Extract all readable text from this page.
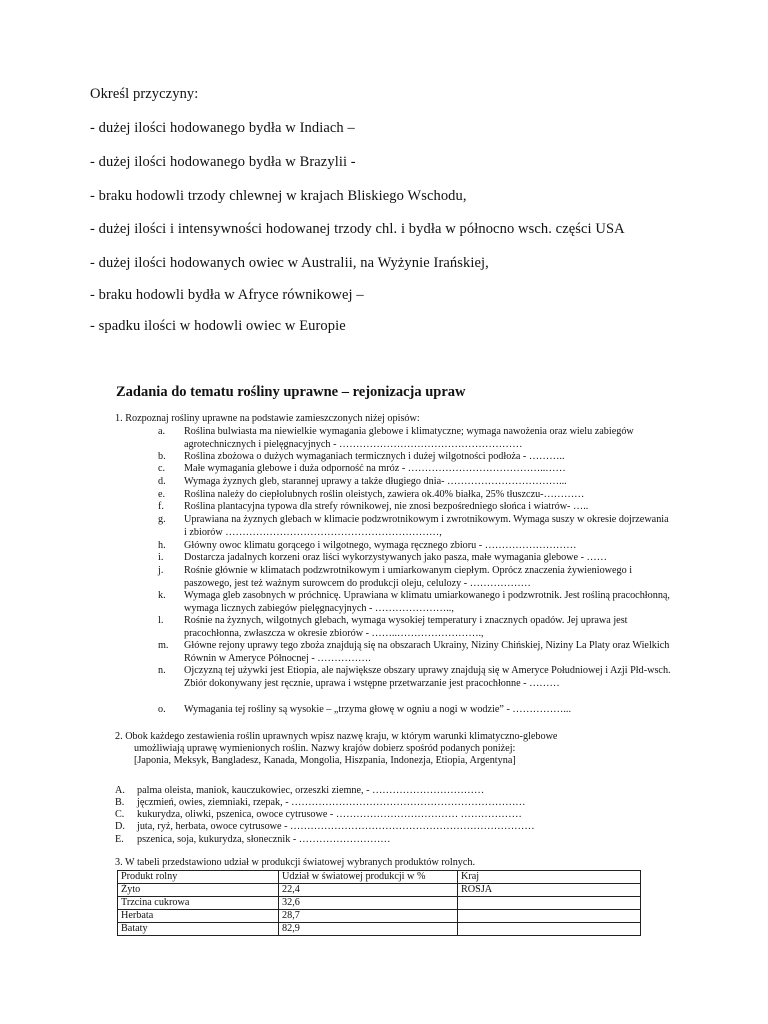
Określ przyczyny:
- dużej ilości hodowanego bydła w Indiach –
- dużej ilości hodowanego bydła w Brazylii -
- braku hodowli trzody chlewnej w krajach Bliskiego Wschodu,
- dużej ilości i intensywności hodowanej trzody chl. i bydła w północno wsch. części USA
- dużej ilości hodowanych owiec w Australii, na Wyżynie Irańskiej,
- braku hodowli bydła w Afryce równikowej –
- spadku ilości w hodowli owiec w Europie
Zadania do tematu rośliny uprawne – rejonizacja upraw
1. Rozpoznaj rośliny uprawne na podstawie zamieszczonych niżej opisów:
a.	Roślina bulwiasta ma niewielkie wymagania glebowe i klimatyczne; wymaga nawożenia oraz wielu zabiegów agrotechnicznych i pielęgnacyjnych - ………………………………………………
b.	Roślina zbożowa o dużych wymaganiach termicznych i dużej wilgotności podłoża - ………..
c.	Małe wymagania glebowe i duża odporność na mróz - …………………………………..……
d.	Wymaga żyznych gleb, starannej uprawy a także długiego dnia- ……………………………...
e.	Roślina należy do ciepłolubnych roślin oleistych, zawiera ok.40% białka, 25% tłuszczu-…………
f.	Roślina plantacyjna typowa dla strefy równikowej, nie znosi bezpośredniego słońca i wiatrów- …..
g.	Uprawiana na żyznych glebach w klimacie podzwrotnikowym i zwrotnikowym. Wymaga suszy w okresie dojrzewania i zbiorów ………………………………………………………,
h.	Główny owoc klimatu gorącego i wilgotnego, wymaga ręcznego zbioru - ………………………
i.	Dostarcza jadalnych korzeni oraz liści wykorzystywanych jako pasza, małe wymagania glebowe - ……
j.	Rośnie głównie w klimatach podzwrotnikowym i umiarkowanym ciepłym. Oprócz znaczenia żywieniowego i paszowego, jest też ważnym surowcem do produkcji oleju, celulozy - ………………
k.	Wymaga gleb zasobnych w próchnicę. Uprawiana w klimatu umiarkowanego i podzwrotnik. Jest rośliną pracochłonną, wymaga licznych zabiegów pielęgnacyjnych - …………………..,
l.	Rośnie na żyznych, wilgotnych glebach, wymaga wysokiej temperatury i znacznych opadów. Jej uprawa jest pracochłonna, zwłaszcza w okresie zbiorów - ……..…………………….,
m.	Główne rejony uprawy tego zboża znajdują się na obszarach Ukrainy, Niziny Chińskiej, Niziny La Platy oraz Wielkich Równin w Ameryce Północnej - …………….
n.	Ojczyzną tej używki jest Etiopia, ale największe obszary uprawy znajdują się w Ameryce Południowej i Azji Płd-wsch. Zbiór dokonywany jest ręcznie, uprawa i wstępne przetwarzanie jest pracochłonne - ………
o.	Wymagania tej rośliny są wysokie – „trzyma głowę w ogniu a nogi w wodzie” - ……………...
2. Obok każdego zestawienia roślin uprawnych wpisz nazwę kraju, w którym warunki klimatyczno-glebowe
umożliwiają uprawę wymienionych roślin. Nazwy krajów dobierz spośród podanych poniżej:
[Japonia, Meksyk, Bangladesz, Kanada, Mongolia, Hiszpania, Indonezja, Etiopia, Argentyna]
A. palma oleista, maniok, kauczukowiec, orzeszki ziemne, - ……………………………
B. jęczmień, owies, ziemniaki, rzepak, - ……………………………………………………………
C. kukurydza, oliwki, pszenica, owoce cytrusowe - ……………………………… ………………
D. juta, ryż, herbata, owoce cytrusowe - ………………………………………………………………
E. pszenica, soja, kukurydza, słonecznik - ………………………
3. W tabeli przedstawiono udział w produkcji światowej wybranych produktów rolnych.
Produkt rolny	Udział w światowej produkcji w %	Kraj
Żyto	22,4	ROSJA
Trzcina cukrowa	32,6	
Herbata	28,7	
Bataty	82,9	
